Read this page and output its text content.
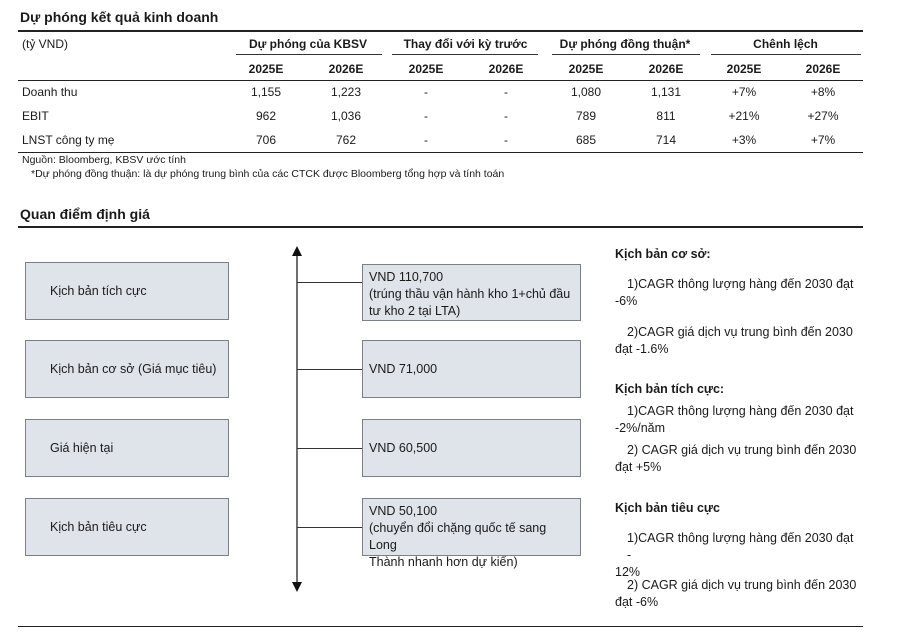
Dự phóng kết quả kinh doanh
(tỷ VND)	Dự phóng của KBSV	Thay đổi với kỳ trước	Dự phóng đồng thuận*	Chênh lệch
2025E	2026E	2025E	2026E	2025E	2026E	2025E	2026E
Doanh thu	1,155	1,223	-	-	1,080	1,131	+7%	+8%
EBIT	962	1,036	-	-	789	811	+21%	+27%
LNST công ty mẹ	706	762	-	-	685	714	+3%	+7%
Nguồn: Bloomberg, KBSV ước tính
*Dự phóng đồng thuận: là dự phóng trung bình của các CTCK được Bloomberg tổng hợp và tính toán
Quan điểm định giá
Kịch bản tích cực
Kịch bản cơ sở (Giá mục tiêu)
Giá hiện tại
Kịch bản tiêu cực
VND 110,700
(trúng thầu vận hành kho 1+chủ đầu
tư kho 2 tại LTA)
VND 71,000
VND 60,500
VND 50,100
(chuyển đổi chặng quốc tế sang Long
Thành nhanh hơn dự kiến)
Kịch bản cơ sở:
1)CAGR thông lượng hàng đến 2030 đạt
-6%
2)CAGR giá dịch vụ trung bình đến 2030
đạt -1.6%
Kịch bản tích cực:
1)CAGR thông lượng hàng đến 2030 đạt
-2%/năm
2) CAGR giá dịch vụ trung bình đến 2030
đạt +5%
Kịch bản tiêu cực
1)CAGR thông lượng hàng đến 2030 đạt -
12%
2) CAGR giá dịch vụ trung bình đến 2030
đạt -6%
